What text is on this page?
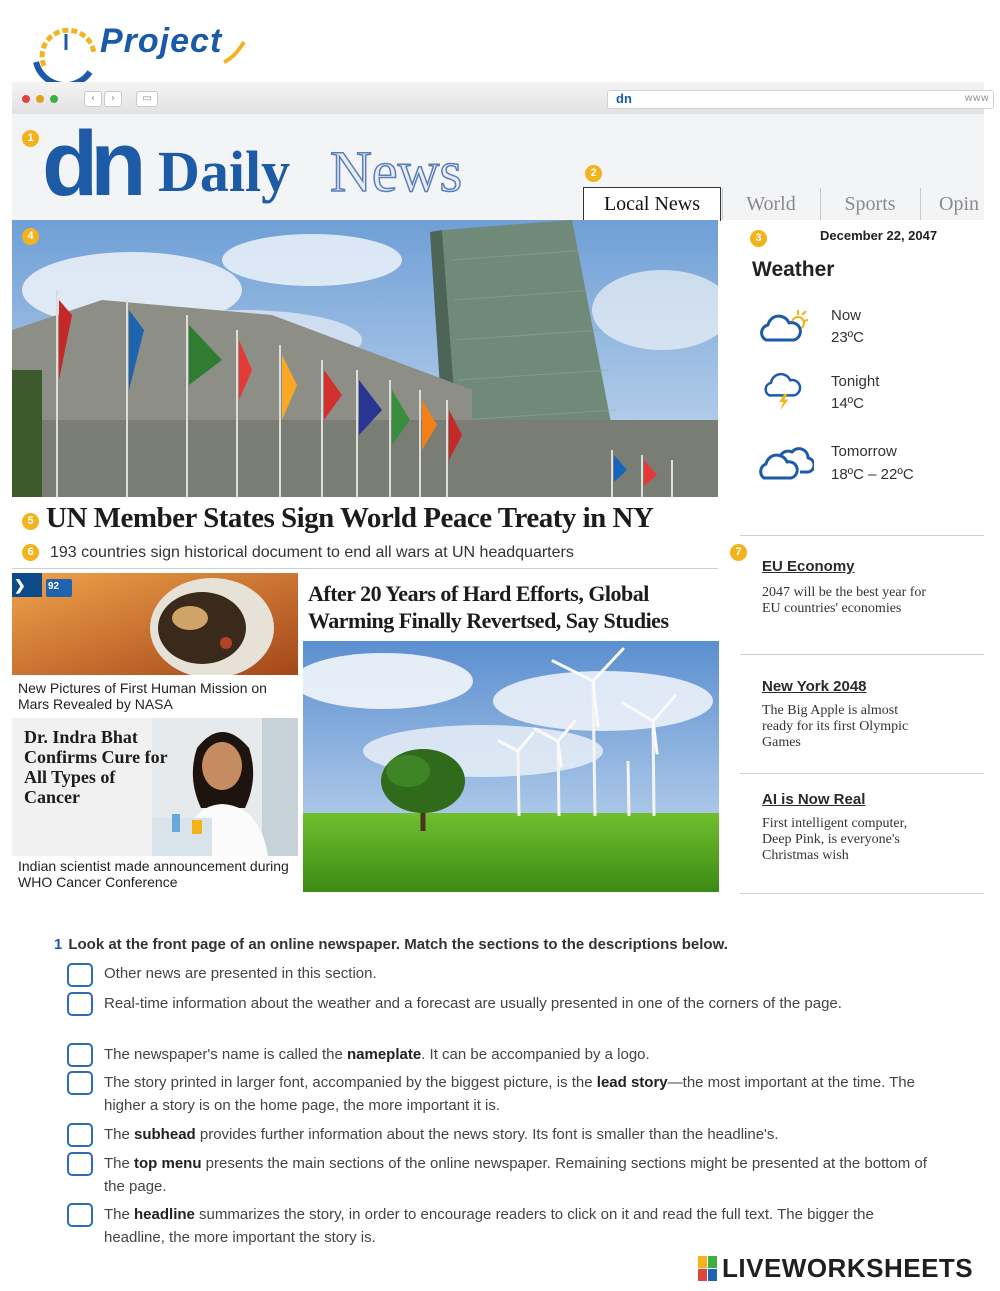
Project
‹	›	▭	dn	www
dn Daily News
1
2
Local News	World	Sports	Opin
4	3	December 22, 2047
Weather
Now
23ºC
Tonight
14ºC
Tomorrow
18ºC – 22ºC
5 UN Member States Sign World Peace Treaty in NY
6	193 countries sign historical document to end all wars at UN headquarters
❯ 92
New Pictures of First Human Mission on Mars Revealed by NASA
Dr. Indra Bhat Confirms Cure for All Types of Cancer
Indian scientist made announcement during WHO Cancer Conference
After 20 Years of Hard Efforts, Global Warming Finally Revertsed, Say Studies
7
EU Economy
2047 will be the best year for EU countries' economies
New York 2048
The Big Apple is almost ready for its first Olympic Games
AI is Now Real
First intelligent computer, Deep Pink, is everyone's Christmas wish
1 Look at the front page of an online newspaper. Match the sections to the descriptions below.
Other news are presented in this section.
Real-time information about the weather and a forecast are usually presented in one of the corners of the page.
The newspaper's name is called the nameplate. It can be accompanied by a logo.
The story printed in larger font, accompanied by the biggest picture, is the lead story—the most important at the time. The higher a story is on the home page, the more important it is.
The subhead provides further information about the news story. Its font is smaller than the headline's.
The top menu presents the main sections of the online newspaper. Remaining sections might be presented at the bottom of the page.
The headline summarizes the story, in order to encourage readers to click on it and read the full text. The bigger the headline, the more important the story is.
LIVEWORKSHEETS
